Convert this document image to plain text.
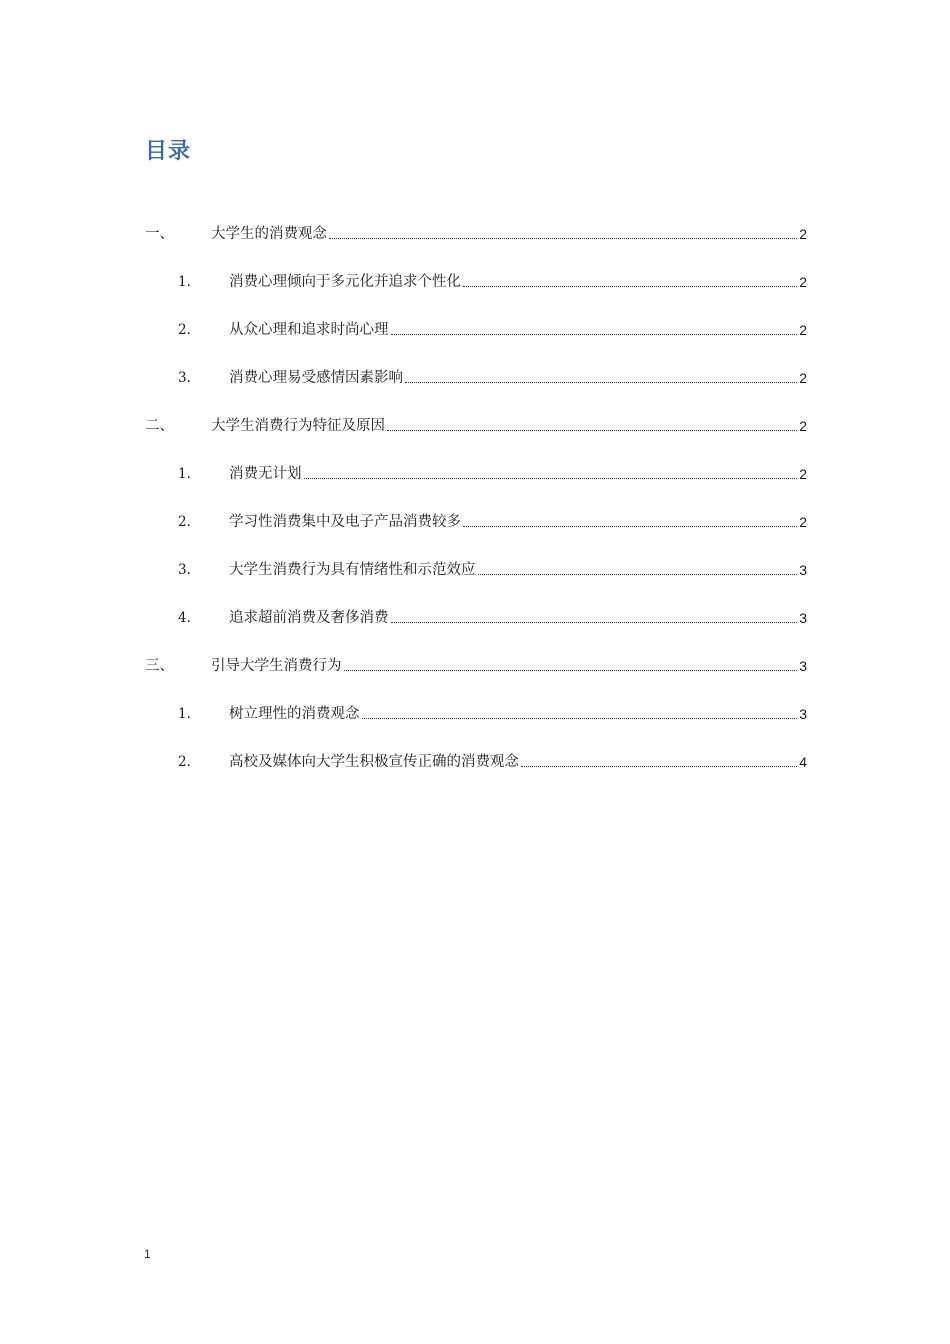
目录
一、	大学生的消费观念	2
1.	消费心理倾向于多元化并追求个性化	2
2.	从众心理和追求时尚心理	2
3.	消费心理易受感情因素影响	2
二、	大学生消费行为特征及原因	2
1.	消费无计划	2
2.	学习性消费集中及电子产品消费较多	2
3.	大学生消费行为具有情绪性和示范效应	3
4.	追求超前消费及奢侈消费	3
三、	引导大学生消费行为	3
1.	树立理性的消费观念	3
2.	高校及媒体向大学生积极宣传正确的消费观念	4
1
